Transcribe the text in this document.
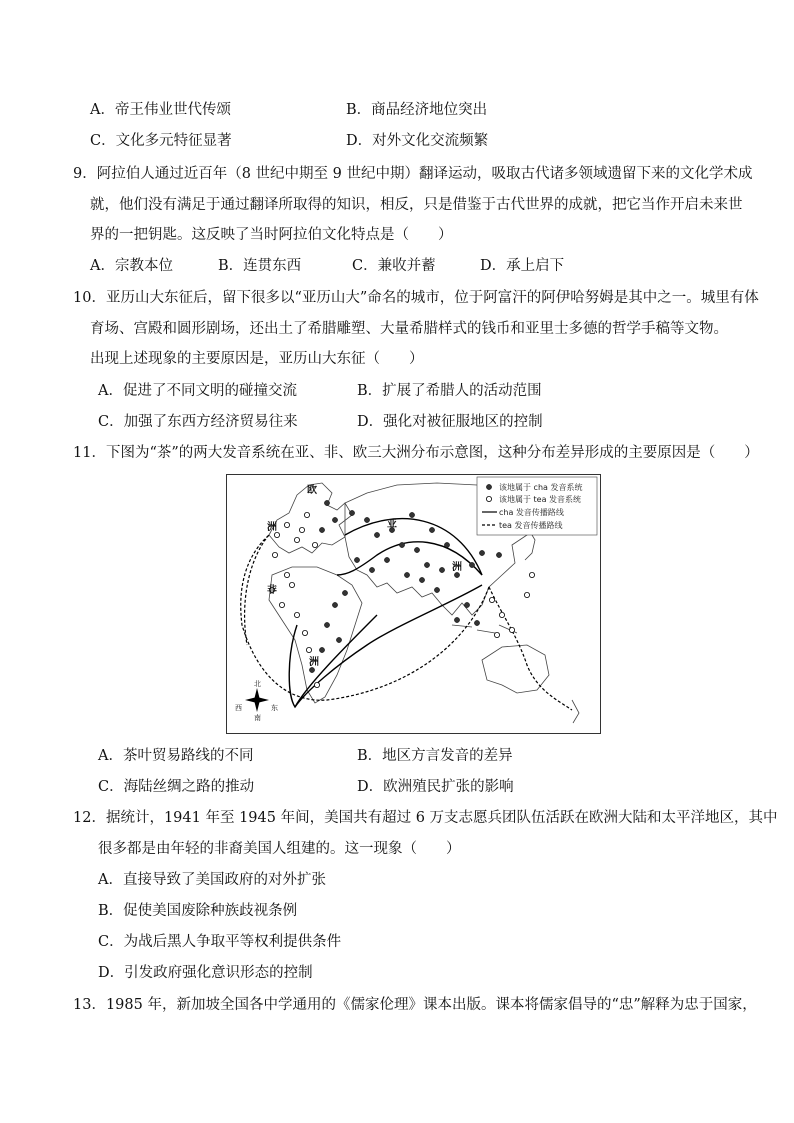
A．帝王伟业世代传颂	B．商品经济地位突出
C．文化多元特征显著	D．对外文化交流频繁
9．阿拉伯人通过近百年（8 世纪中期至 9 世纪中期）翻译运动，吸取古代诸多领域遗留下来的文化学术成
就，他们没有满足于通过翻译所取得的知识，相反，只是借鉴于古代世界的成就，把它当作开启未来世
界的一把钥匙。这反映了当时阿拉伯文化特点是（　　）
A．宗教本位	B．连贯东西	C．兼收并蓄	D．承上启下
10．亚历山大东征后，留下很多以“亚历山大”命名的城市，位于阿富汗的阿伊哈努姆是其中之一。城里有体
育场、宫殿和圆形剧场，还出土了希腊雕塑、大量希腊样式的钱币和亚里士多德的哲学手稿等文物。
出现上述现象的主要原因是，亚历山大东征（　　）
A．促进了不同文明的碰撞交流	B．扩展了希腊人的活动范围
C．加强了东西方经济贸易往来	D．强化对被征服地区的控制
11．下图为“茶”的两大发音系统在亚、非、欧三大洲分布示意图，这种分布差异形成的主要原因是（　　）
欧
洲	亚
洲
非
洲
该地属于 cha 发音系统
该地属于 tea 发音系统
cha 发音传播路线
tea 发音传播路线
北
南
西	东
A．茶叶贸易路线的不同	B．地区方言发音的差异
C．海陆丝绸之路的推动	D．欧洲殖民扩张的影响
12．据统计，1941 年至 1945 年间，美国共有超过 6 万支志愿兵团队伍活跃在欧洲大陆和太平洋地区，其中
很多都是由年轻的非裔美国人组建的。这一现象（　　）
A．直接导致了美国政府的对外扩张
B．促使美国废除种族歧视条例
C．为战后黑人争取平等权利提供条件
D．引发政府强化意识形态的控制
13．1985 年，新加坡全国各中学通用的《儒家伦理》课本出版。课本将儒家倡导的“忠”解释为忠于国家，
